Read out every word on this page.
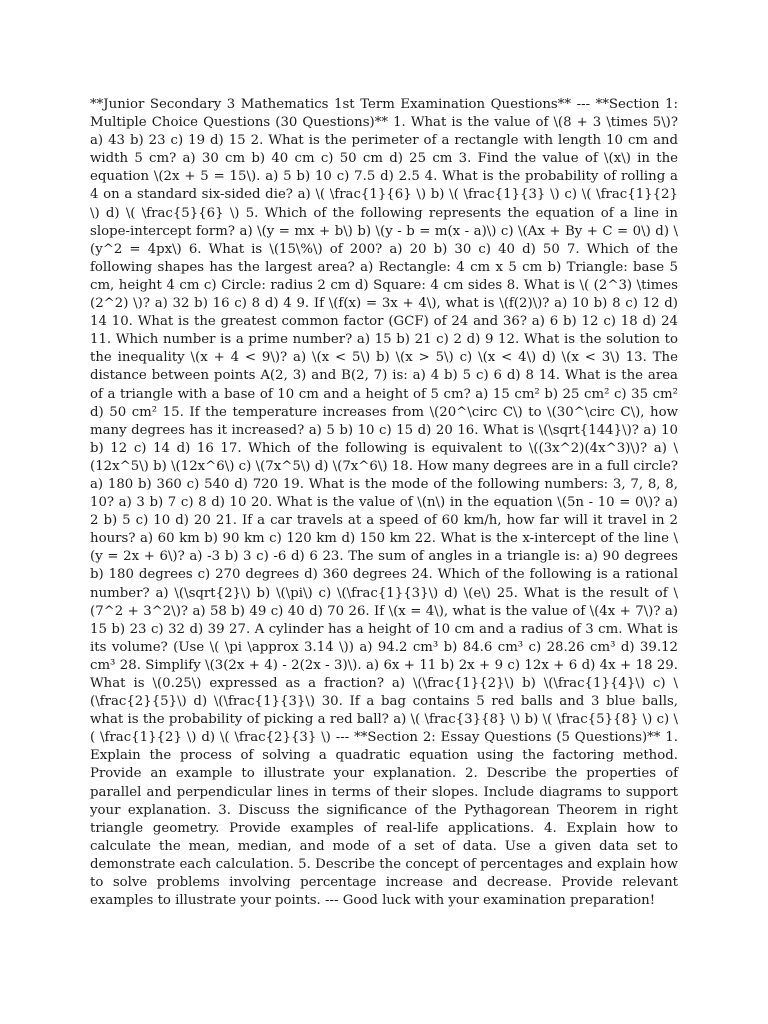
**Junior Secondary 3 Mathematics 1st Term Examination Questions** --- **Section 1: Multiple Choice Questions (30 Questions)** 1. What is the value of \(8 + 3 \times 5\)? a) 43 b) 23 c) 19 d) 15 2. What is the perimeter of a rectangle with length 10 cm and width 5 cm? a) 30 cm b) 40 cm c) 50 cm d) 25 cm 3. Find the value of \(x\) in the equation \(2x + 5 = 15\). a) 5 b) 10 c) 7.5 d) 2.5 4. What is the probability of rolling a 4 on a standard six-sided die? a) \( \frac{1}{6} \) b) \( \frac{1}{3} \) c) \( \frac{1}{2} \) d) \( \frac{5}{6} \) 5. Which of the following represents the equation of a line in slope-intercept form? a) \(y = mx + b\) b) \(y - b = m(x - a)\) c) \(Ax + By + C = 0\) d) \(y^2 = 4px\) 6. What is \(15\%\) of 200? a) 20 b) 30 c) 40 d) 50 7. Which of the following shapes has the largest area? a) Rectangle: 4 cm x 5 cm b) Triangle: base 5 cm, height 4 cm c) Circle: radius 2 cm d) Square: 4 cm sides 8. What is \( (2^3) \times (2^2) \)? a) 32 b) 16 c) 8 d) 4 9. If \(f(x) = 3x + 4\), what is \(f(2)\)? a) 10 b) 8 c) 12 d) 14 10. What is the greatest common factor (GCF) of 24 and 36? a) 6 b) 12 c) 18 d) 24 11. Which number is a prime number? a) 15 b) 21 c) 2 d) 9 12. What is the solution to the inequality \(x + 4 < 9\)? a) \(x < 5\) b) \(x > 5\) c) \(x < 4\) d) \(x < 3\) 13. The distance between points A(2, 3) and B(2, 7) is: a) 4 b) 5 c) 6 d) 8 14. What is the area of a triangle with a base of 10 cm and a height of 5 cm? a) 15 cm² b) 25 cm² c) 35 cm² d) 50 cm² 15. If the temperature increases from \(20^\circ C\) to \(30^\circ C\), how many degrees has it increased? a) 5 b) 10 c) 15 d) 20 16. What is \(\sqrt{144}\)? a) 10 b) 12 c) 14 d) 16 17. Which of the following is equivalent to \((3x^2)(4x^3)\)? a) \(12x^5\) b) \(12x^6\) c) \(7x^5\) d) \(7x^6\) 18. How many degrees are in a full circle? a) 180 b) 360 c) 540 d) 720 19. What is the mode of the following numbers: 3, 7, 8, 8, 10? a) 3 b) 7 c) 8 d) 10 20. What is the value of \(n\) in the equation \(5n - 10 = 0\)? a) 2 b) 5 c) 10 d) 20 21. If a car travels at a speed of 60 km/h, how far will it travel in 2 hours? a) 60 km b) 90 km c) 120 km d) 150 km 22. What is the x-intercept of the line \(y = 2x + 6\)? a) -3 b) 3 c) -6 d) 6 23. The sum of angles in a triangle is: a) 90 degrees b) 180 degrees c) 270 degrees d) 360 degrees 24. Which of the following is a rational number? a) \(\sqrt{2}\) b) \(\pi\) c) \(\frac{1}{3}\) d) \(e\) 25. What is the result of \(7^2 + 3^2\)? a) 58 b) 49 c) 40 d) 70 26. If \(x = 4\), what is the value of \(4x + 7\)? a) 15 b) 23 c) 32 d) 39 27. A cylinder has a height of 10 cm and a radius of 3 cm. What is its volume? (Use \( \pi \approx 3.14 \)) a) 94.2 cm³ b) 84.6 cm³ c) 28.26 cm³ d) 39.12 cm³ 28. Simplify \(3(2x + 4) - 2(2x - 3)\). a) 6x + 11 b) 2x + 9 c) 12x + 6 d) 4x + 18 29. What is \(0.25\) expressed as a fraction? a) \(\frac{1}{2}\) b) \(\frac{1}{4}\) c) \(\frac{2}{5}\) d) \(\frac{1}{3}\) 30. If a bag contains 5 red balls and 3 blue balls, what is the probability of picking a red ball? a) \( \frac{3}{8} \) b) \( \frac{5}{8} \) c) \( \frac{1}{2} \) d) \( \frac{2}{3} \) --- **Section 2: Essay Questions (5 Questions)** 1. Explain the process of solving a quadratic equation using the factoring method. Provide an example to illustrate your explanation. 2. Describe the properties of parallel and perpendicular lines in terms of their slopes. Include diagrams to support your explanation. 3. Discuss the significance of the Pythagorean Theorem in right triangle geometry. Provide examples of real-life applications. 4. Explain how to calculate the mean, median, and mode of a set of data. Use a given data set to demonstrate each calculation. 5. Describe the concept of percentages and explain how to solve problems involving percentage increase and decrease. Provide relevant examples to illustrate your points. --- Good luck with your examination preparation!
